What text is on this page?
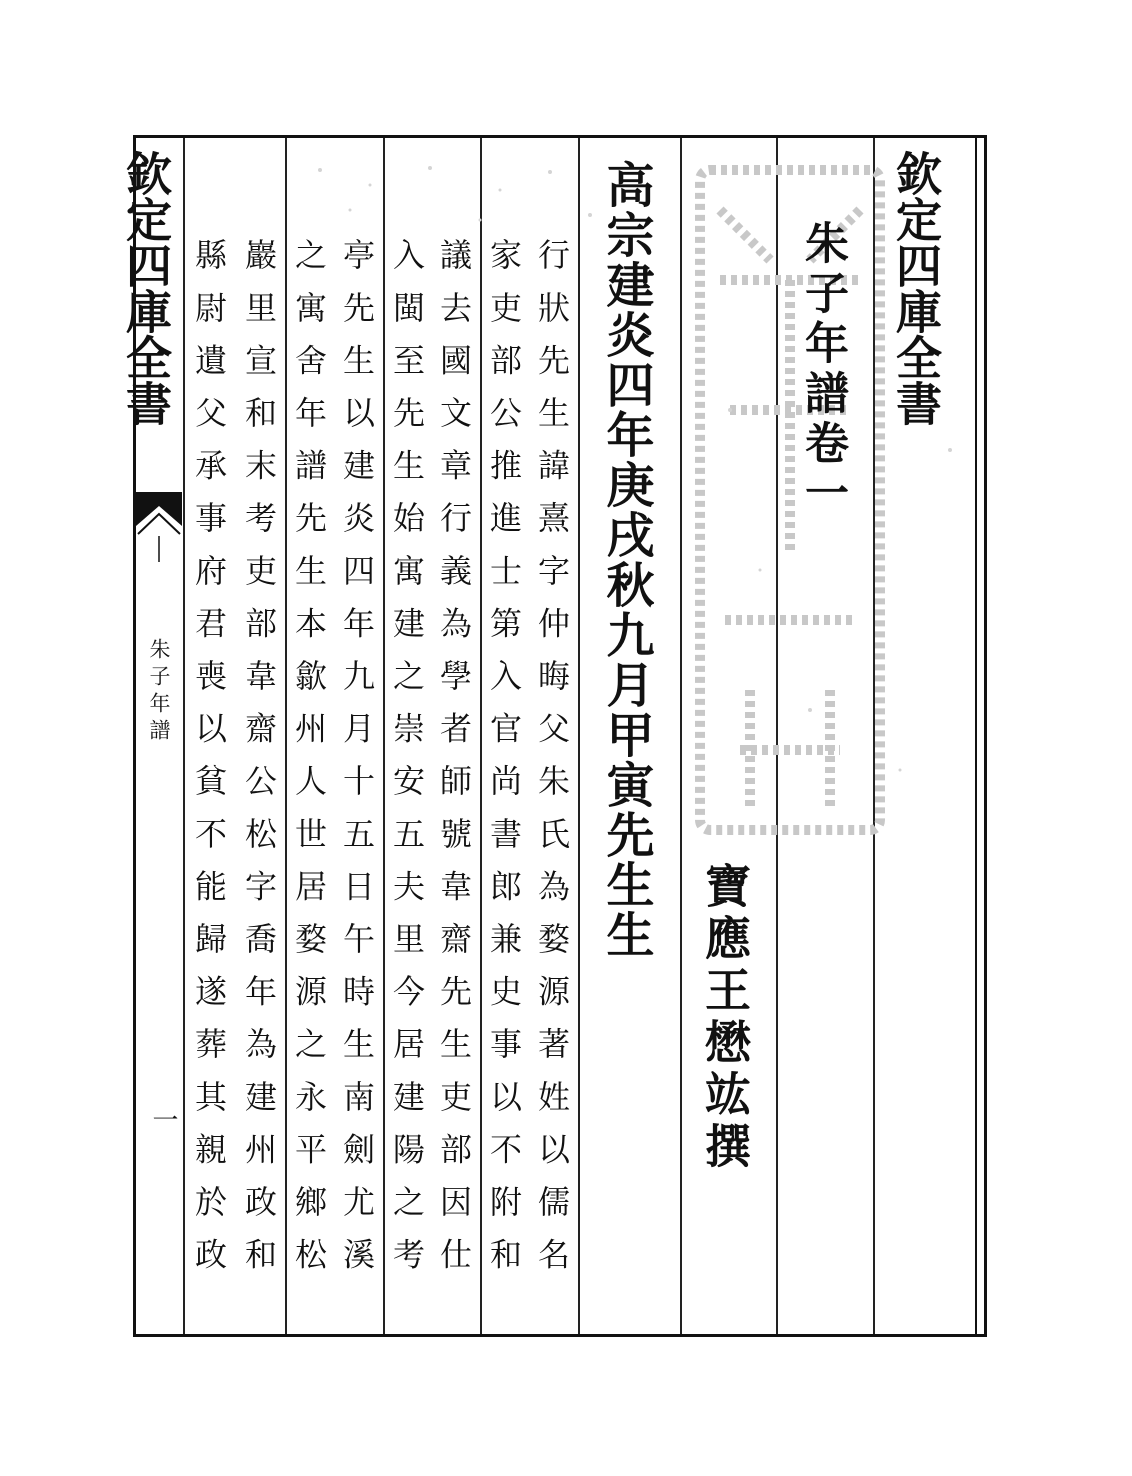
欽定四庫全書
朱子年譜
一 縣尉遺父承事府君喪以貧不能歸遂葬其親於政 巖里宣和末考吏部韋齋公松字喬年為建州政和 之寓舍年譜先生本歙州人世居婺源之永平鄉松 亭先生以建炎四年九月十五日午時生南劍尤溪 入閩至先生始寓建之崇安五夫里今居建陽之考 議去國文章行義為學者師號韋齋先生吏部因仕 家吏部公推進士第入官尚書郎兼史事以不附和 行狀先生諱熹字仲晦父朱氏為婺源著姓以儒名 高宗建炎四年庚戌秋九月甲寅先生生
寶應王懋竑撰
朱子年譜卷一 欽定四庫全書
